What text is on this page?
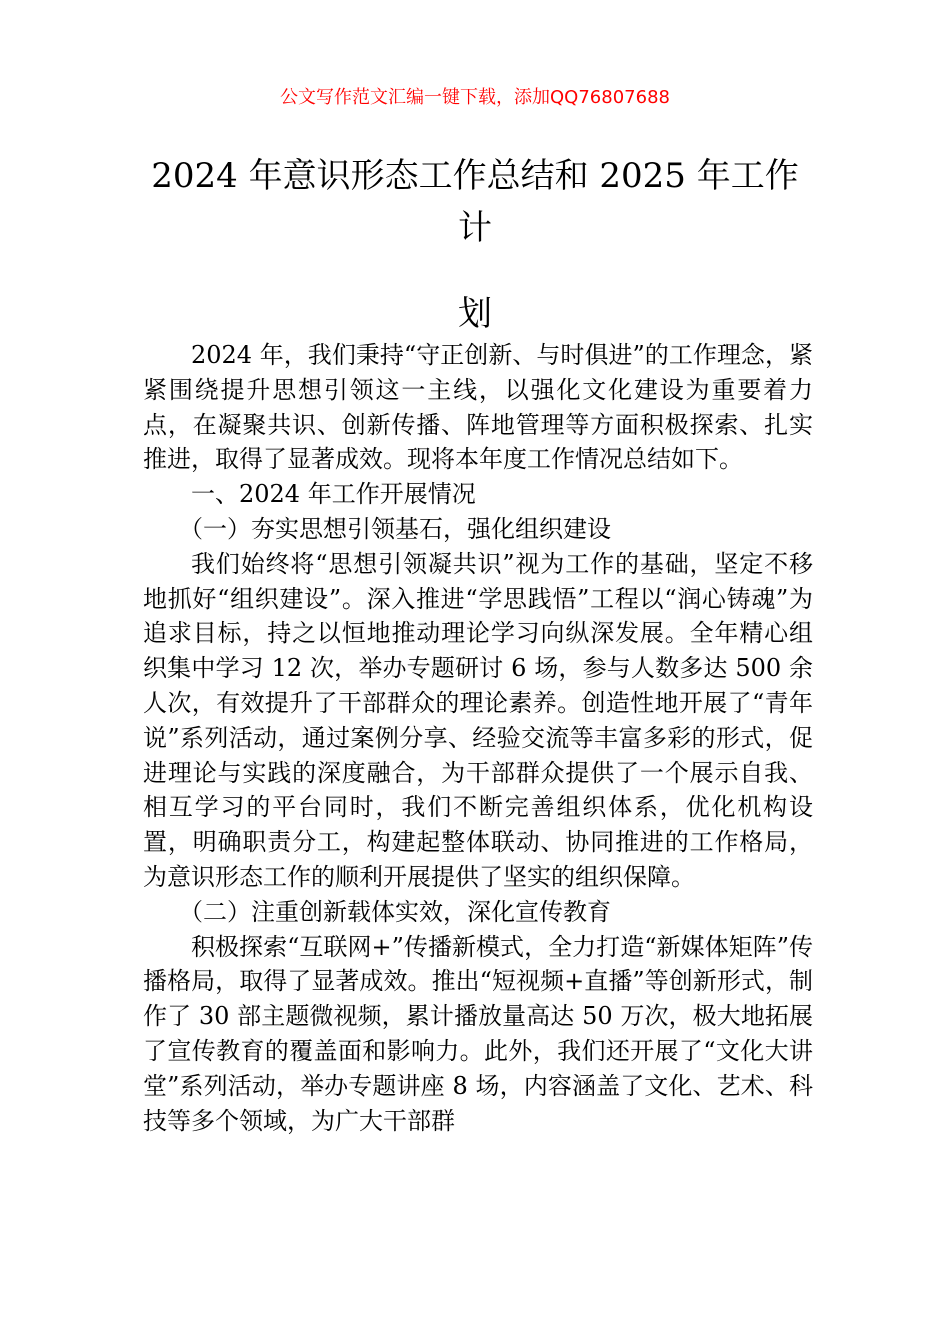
公文写作范文汇编一键下载，添加QQ76807688
2024 年意识形态工作总结和 2025 年工作计
划

2024 年，我们秉持“守正创新、与时俱进”的工作理念，紧紧围绕提升思想引领这一主线，以强化文化建设为重要着力点，在凝聚共识、创新传播、阵地管理等方面积极探索、扎实推进，取得了显著成效。现将本年度工作情况总结如下。

一、2024 年工作开展情况

（一）夯实思想引领基石，强化组织建设

我们始终将“思想引领凝共识”视为工作的基础，坚定不移地抓好“组织建设”。深入推进“学思践悟”工程以“润心铸魂”为追求目标，持之以恒地推动理论学习向纵深发展。全年精心组织集中学习 12 次，举办专题研讨 6 场，参与人数多达 500 余人次，有效提升了干部群众的理论素养。创造性地开展了“青年说”系列活动，通过案例分享、经验交流等丰富多彩的形式，促进理论与实践的深度融合，为干部群众提供了一个展示自我、相互学习的平台同时，我们不断完善组织体系，优化机构设置，明确职责分工，构建起整体联动、协同推进的工作格局，为意识形态工作的顺利开展提供了坚实的组织保障。

（二）注重创新载体实效，深化宣传教育

积极探索“互联网+”传播新模式，全力打造“新媒体矩阵”传播格局，取得了显著成效。推出“短视频+直播”等创新形式，制作了 30 部主题微视频，累计播放量高达 50 万次，极大地拓展了宣传教育的覆盖面和影响力。此外，我们还开展了“文化大讲堂”系列活动，举办专题讲座 8 场，内容涵盖了文化、艺术、科技等多个领域，为广大干部群
